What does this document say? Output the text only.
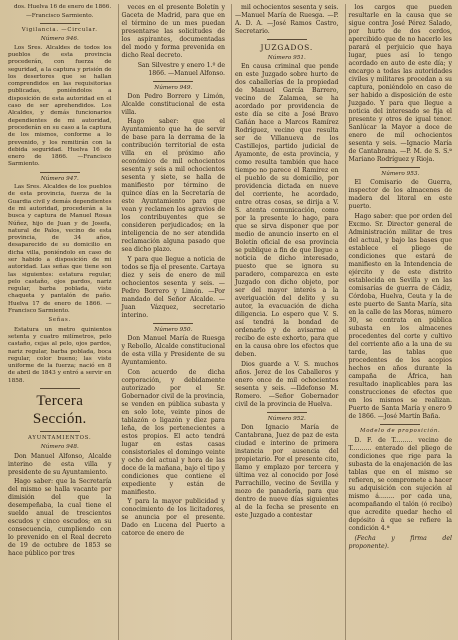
dos. Huelva 16 de enero de 1866.

—Francisco Sarmiento.

Vigilancia. —Circular.
Número 946.

Los Sres. Alcaldes de todos los pueblos de esta provincia procederán, con fuerza de seguridad, a la captura y prisión de los desertores que se hallan comprendidos en las requisitorias publicadas, poniéndolos a disposición de esta autoridad en el caso de ser aprehendidos. Los Alcaldes, y demás funcionarios dependientes de mi autoridad, procederán en su caso a la captura de los mismos, conforme a lo prevenido, y los remitirán con la debida seguridad. Huelva 16 de enero de 1866. —Francisco Sarmiento.

Número 947.

Las Sres. Alcaldes de los pueblos de esta provincia, fuerza de la Guardia civil y demás dependientes de mi autoridad, procederán a la busca y captura de Manuel Rosas Núñez, hijo de Juan y de Josefa, natural de Palos, vecino de esta provincia, de 34 años, desaparecido de su domicilio en dicha villa, poniéndolo en caso de ser habido a disposición de mi autoridad. Las señas que tiene son las siguientes: estatura regular, pelo castaño, ojos pardos, nariz regular, barba poblada, viste chaqueta y pantalón de paño. Huelva 17 de enero de 1866. —Francisco Sarmiento.

Señas.

Estatura un metro quinientos setenta y cuatro milímetros, pelo castaño, cejas al pelo, ojos pardos, nariz regular, barba poblada, boca regular, color bueno; las viste uniforme de la fuerza; nació en 8 de abril de 1843 y entró a servir en 1858.

Tercera Sección.
AYUNTAMIENTOS.
Número 948.

Don Manuel Alfonso, Alcalde interino de esta villa y presidente de su Ayuntamiento.

Hago saber: que la Secretaría del mismo se halla vacante por dimisión del que la desempeñaba, la cual tiene el sueldo anual de trescientos escudos y cinco escudos; en su consecuencia, cumpliendo con lo prevenido en el Real decreto de 19 de octubre de 1853 se hace público por tres

veces en el presente Boletín y Gaceta de Madrid, para que en el término de un mes puedan presentarse las solicitudes de los aspirantes, documentadas del modo y forma prevenida en dicho Real decreto.

San Silvestre y enero 1.º de 1866. —Manuel Alfonso.

Número 949.

Don Pedro Borrero y Limón, Alcalde constitucional de esta villa.

Hago saber: que el Ayuntamiento que ha de servir de base para la derrama de la contribución territorial de esta villa en el próximo año económico de mil ochocientos sesenta y seis a mil ochocientos sesenta y siete, se halla de manifiesto por término de quince días en la Secretaría de este Ayuntamiento para que vean y reclamen los agravios de los contribuyentes que se consideren perjudicados; en la inteligencia de no ser atendida reclamación alguna pasado que sea dicho plazo.

Y para que llegue a noticia de todos se fija el presente. Cartaya diez y seis de enero de mil ochocientos sesenta y seis. —Pedro Borrero y Limón. —Por mandado del Señor Alcalde. —Juan Vázquez, secretario interino.

Número 950.

Don Manuel María de Ruesga y Rebollo, Alcalde constitucional de esta villa y Presidente de su Ayuntamiento.

Con acuerdo de dicha corporación, y debidamente autorizado por el Sr. Gobernador civil de la provincia, se venden en pública subasta y en solo lote, veinte pinos de tablazón o ligazón y diez para leña, de los pertenecientes a estos propios. El acto tendrá lugar en estas casas consistoriales el domingo veinte y ocho del actual y hora de las doce de la mañana, bajo el tipo y condiciones que contiene el expediente y están de manifiesto.

Y para la mayor publicidad y conocimiento de los licitadores, se anuncia por el presente. Dado en Lucena del Puerto a catorce de enero de

mil ochocientos sesenta y seis. —Manuel María de Ruesga. —P. A. D. A. —José Ramos Castro, Secretario.

JUZGADOS.
Número 951.

En causa criminal que pende en este Juzgado sobre hurto de dos caballerías de la propiedad de Manuel García Barrero, vecino de Zalamea, se ha acordado por providencia de este día se cite a José Bravo Gañán hace a Marcos Ramírez Rodríguez, vecino que resulta ser de Villanueva de los Castillejos, partido judicial de Ayamonte, de esta provincia, y como resulta también que hace tiempo no parece el Ramírez en el pueblo de su domicilio, por providencia dictada en nueve del corriente, he acordado, entre otras cosas, se dirija a V. S. atenta comunicación, como por la presente lo hago, para que se sirva disponer que por medio de anuncio inserto en el Boletín oficial de esa provincia se publique a fin de que llegue a noticia de dicho interesado, puesto que se ignora su paradero, comparezca en este Juzgado con dicho objeto, por ser del mayor interés a la averiguación del delito y su autor, la evacuación de dicha diligencia. Lo espero que V. S. así tendrá la bondad de ordenarlo y de avisarme el recibo de este exhorto, para que en la causa obre los efectos que deben.

Dios guarde a V. S. muchos años. Jerez de los Caballeros y enero once de mil ochocientos sesenta y seis. —Ildefonso M. Romero. —Señor Gobernador civil de la provincia de Huelva.

Número 952.

Don Ignacio María de Cantabrana, Juez de paz de esta ciudad e interino de primera instancia por ausencia del propietario. Por el presente cito, llamo y emplazo por tercera y última vez al conocido por José Parrachillo, vecino de Sevilla y mozo de panadería, para que dentro de nueve días siguientes al de la fecha se presente en este Juzgado a contestar

los cargos que pueden resultarle en la causa que se sigue contra José Pérez Salado, por hurto de dos cerdos, apercibido que de no hacerlo les parará el perjuicio que haya lugar, pues así lo tengo acordado en auto de este día; y encargo a todas las autoridades civiles y militares procedan a su captura, poniéndolo en caso de ser habido a disposición de este Juzgado. Y para que llegue a noticia del interesado se fija el presente y otros de igual tenor. Sanlúcar la Mayor a doce de enero de mil ochocientos sesenta y seis. —Ignacio María de Cantabrana. —P. M. de S. S.ª Mariano Rodríguez y Rioja.

Número 953.

El Comisario de Guerra, inspector de los almacenes de madera del litoral en este puerto.

Hago saber: que por orden del Excmo. Sr. Director general de Administración militar de tres del actual, y bajo las bases que establece el pliego de condiciones que estará de manifiesto en la Intendencia de ejército y de este distrito establecida en Sevilla y en las comisarías de guerra de Cádiz, Córdoba, Huelva, Ceuta y la de este puerto de Santa María, sita en la calle de las Moras, número 30, se contrata en pública subasta en los almacenes procedentes del corte y cultivo del corriente año a la una de su tarde, las tablas que procedentes de los acopios hechos en años durante la campaña de África, han resultado inaplicables para las construcciones de efectos que en los mismos se realizan. Puerto de Santa María y enero 9 de 1866. —José Martín Baña.

Modelo de proposición.

D. F. de T......... vecino de T.......... enterado del pliego de condiciones que rige para la subasta de la enajenación de las tablas que en el mismo se refieren, se compromete a hacer su adquisición con sujeción al mismo á........ por cada una, acompañando el talón (ó recibo) que acredite quedar hecho el depósito á que se refiere la condición 4.ª

(Fecha y firma del proponente).
